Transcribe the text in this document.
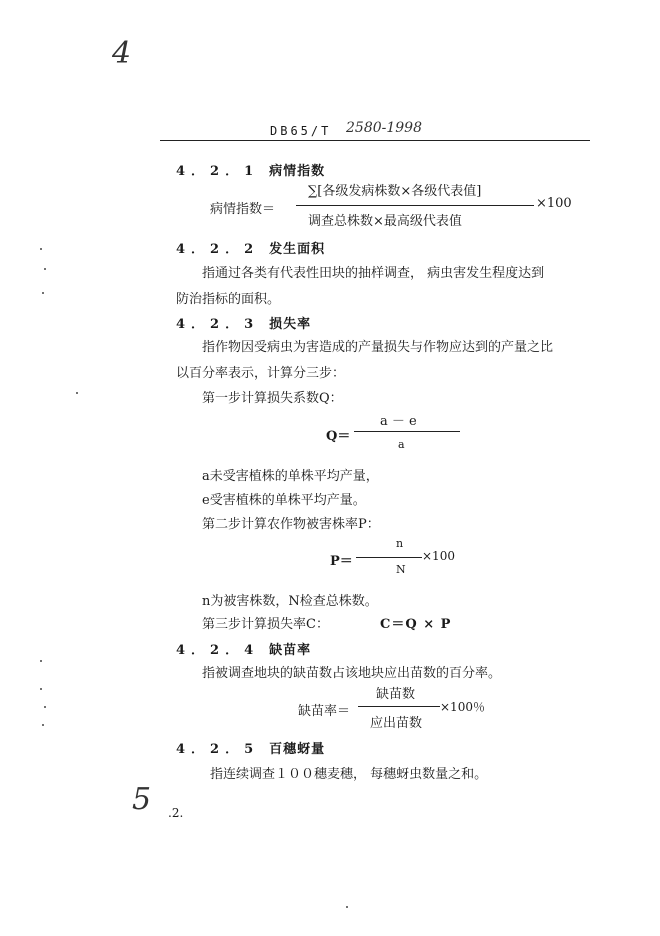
4
5
DB65/T 2580-1998
4．2．1 病情指数
病情指数＝
∑[各级发病株数×各级代表值]
调查总株数×最高级代表值
×100
4．2．2 发生面积
指通过各类有代表性田块的抽样调查， 病虫害发生程度达到
防治指标的面积。
4．2．3 损失率
指作物因受病虫为害造成的产量损失与作物应达到的产量之比
以百分率表示，计算分三步：
第一步计算损失系数Q：
Q＝
a － e
a
a未受害植株的单株平均产量，
e受害植株的单株平均产量。
第二步计算农作物被害株率P：
P＝
n
N
×100
n为被害株数，N检查总株数。
第三步计算损失率C：	C＝Q × P
4．2．4 缺苗率
指被调查地块的缺苗数占该地块应出苗数的百分率。
缺苗率＝
缺苗数
应出苗数
×100％
4．2．5 百穗蚜量
指连续调查１００穗麦穗， 每穗蚜虫数量之和。
.2.
